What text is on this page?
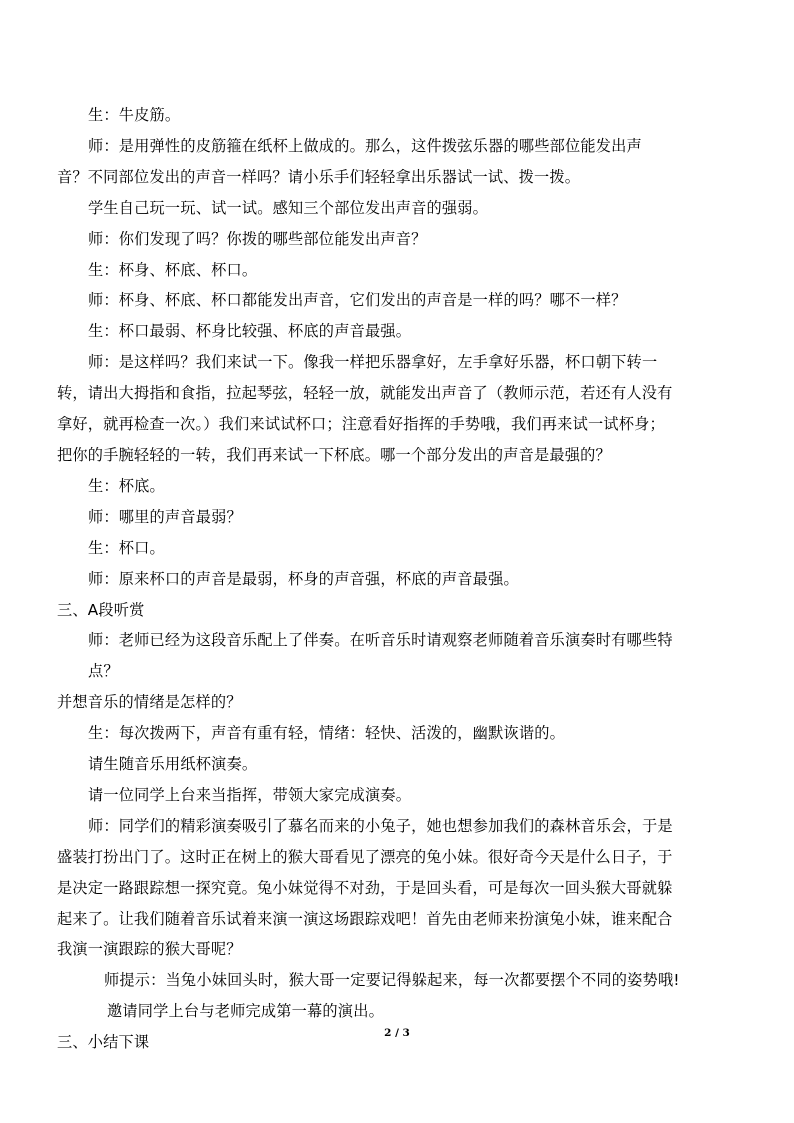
生：牛皮筋。

师：是用弹性的皮筋箍在纸杯上做成的。那么，这件拨弦乐器的哪些部位能发出声

音？不同部位发出的声音一样吗？请小乐手们轻轻拿出乐器试一试、拨一拨。

学生自己玩一玩、试一试。感知三个部位发出声音的强弱。

师：你们发现了吗？你拨的哪些部位能发出声音？

生：杯身、杯底、杯口。

师：杯身、杯底、杯口都能发出声音，它们发出的声音是一样的吗？哪不一样？

生：杯口最弱、杯身比较强、杯底的声音最强。

师：是这样吗？我们来试一下。像我一样把乐器拿好，左手拿好乐器，杯口朝下转一

转，请出大拇指和食指，拉起琴弦，轻轻一放，就能发出声音了（教师示范，若还有人没有

拿好，就再检查一次。）我们来试试杯口；注意看好指挥的手势哦，我们再来试一试杯身；

把你的手腕轻轻的一转，我们再来试一下杯底。哪一个部分发出的声音是最强的？

生：杯底。

师：哪里的声音最弱？

生：杯口。

师：原来杯口的声音是最弱，杯身的声音强，杯底的声音最强。

三、A段听赏

师：老师已经为这段音乐配上了伴奏。在听音乐时请观察老师随着音乐演奏时有哪些特

点？

并想音乐的情绪是怎样的？

生：每次拨两下，声音有重有轻，情绪：轻快、活泼的，幽默诙谐的。

请生随音乐用纸杯演奏。

请一位同学上台来当指挥，带领大家完成演奏。

师：同学们的精彩演奏吸引了慕名而来的小兔子，她也想参加我们的森林音乐会，于是

盛装打扮出门了。这时正在树上的猴大哥看见了漂亮的兔小妹。很好奇今天是什么日子，于

是决定一路跟踪想一探究竟。兔小妹觉得不对劲，于是回头看，可是每次一回头猴大哥就躲

起来了。让我们随着音乐试着来演一演这场跟踪戏吧！首先由老师来扮演兔小妹，谁来配合

我演一演跟踪的猴大哥呢？

师提示：当兔小妹回头时，猴大哥一定要记得躲起来，每一次都要摆个不同的姿势哦!

邀请同学上台与老师完成第一幕的演出。

三、小结下课

2 / 3
